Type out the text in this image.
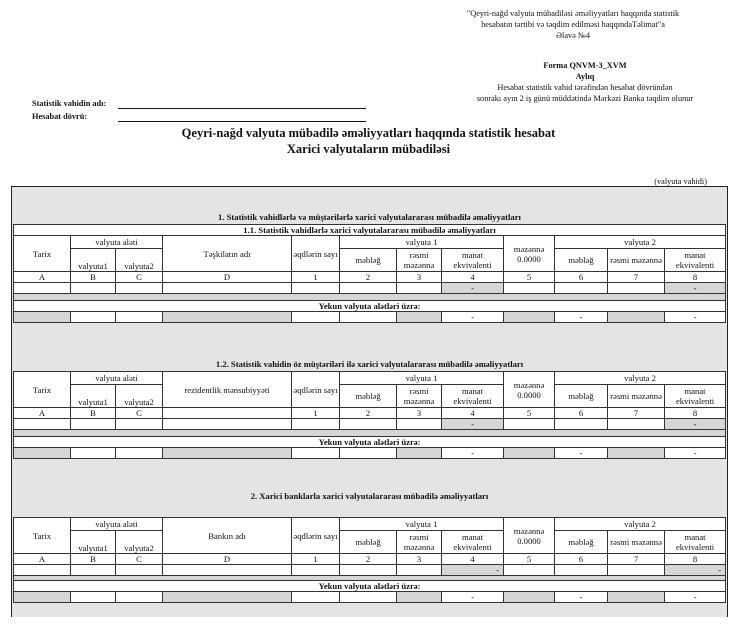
"Qeyri-nağd valyuta mübadiləsi əməliyyatları haqqında statistik
hesabatın tərtibi və təqdim edilməsi haqqındaTəlimat"a
Əlavə №4
Forma QNVM-3_XVM
Aylıq
Hesabat statistik vahid tərəfindən hesabat dövründən
sonrakı ayın 2 iş günü müddətində Mərkəzi Banka təqdim olunur
Statistik vahidin adı:
Hesabat dövrü:
Qeyri-nağd valyuta mübadilə əməliyyatları haqqında statistik hesabat
Xarici valyutaların mübadiləsi
(valyuta vahidi)
1. Statistik vahidlərlə və müştərilərlə xarici valyutalararası mübadilə əməliyyatları
1.1. Statistik vahidlərlə xarici valyutalararası mübadilə əməliyyatları											
Tarix	valyuta aləti		Təşkilatın adı	əqdlərin sayı	valyuta 1			məzənnə
0.0000	valyuta 2		
	valyuta1	valyuta2			məbləğ	rəsmi məzənnə	manat ekvivalenti		məbləğ	rəsmi məzənnə	manat ekvivalenti
A	B	C	D	1	2	3	4	5	6	7	8
							-				-

Yekun valyuta alətləri üzrə:											
							-		-		-
1.2. Statistik vahidin öz müştəriləri ilə xarici valyutalararası mübadilə əməliyyatları
Tarix	valyuta aləti		rezidentlik mənsubiyyəti	əqdlərin sayı	valyuta 1			məzənnə
0.0000	valyuta 2		
	valyuta1	valyuta2			məbləğ	rəsmi məzənnə	manat ekvivalenti		məbləğ	rəsmi məzənnə	manat ekvivalenti
A	B	C		1	2	3	4	5	6	7	8
							-				-

Yekun valyuta alətləri üzrə:											
							-		-		-
2. Xarici banklarla xarici valyutalararası mübadilə əməliyyatları
Tarix	valyuta aləti		Bankın adı	əqdlərin sayı	valyuta 1			məzənnə
0.0000	valyuta 2		
	valyuta1	valyuta2			məbləğ	rəsmi məzənnə	manat ekvivalenti		məbləğ	rəsmi məzənnə	manat ekvivalenti
A	B	C	D	1	2	3	4	5	6	7	8
							-				-

Yekun valyuta alətləri üzrə:											
							-		-		-
